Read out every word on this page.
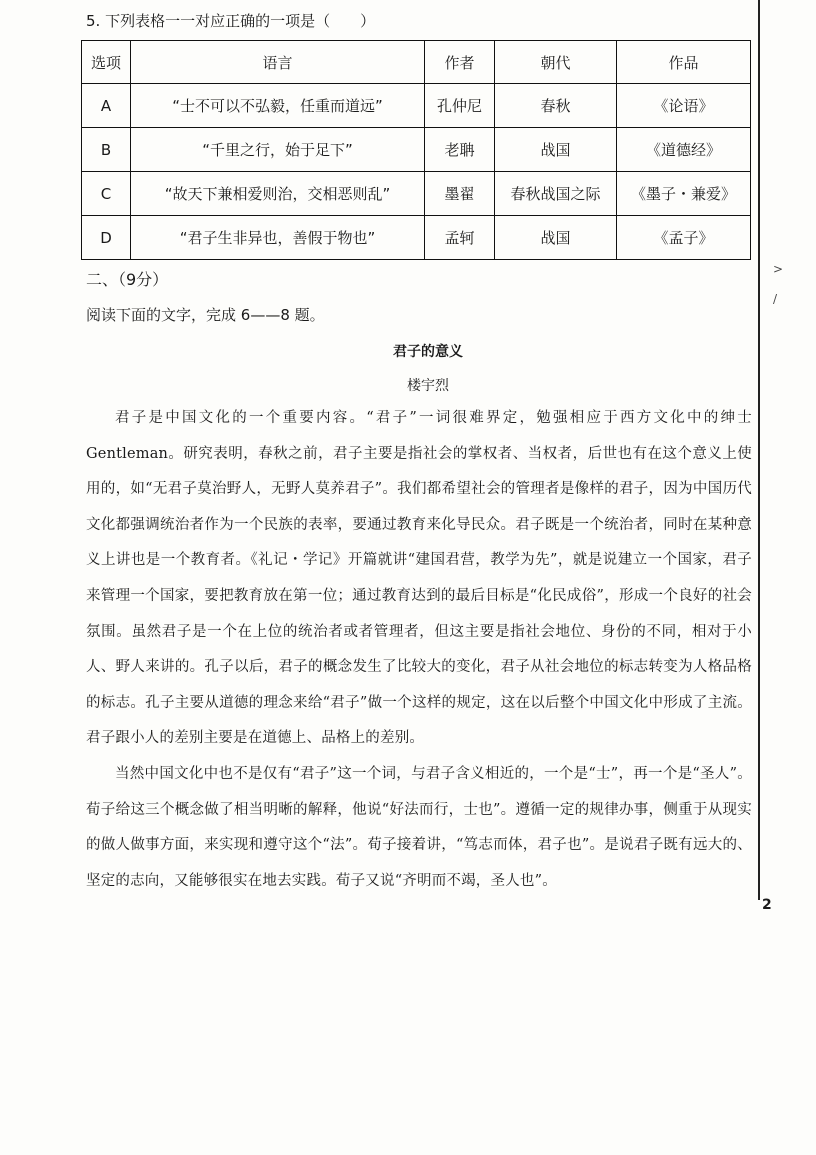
>
/
2
5. 下列表格一一对应正确的一项是（　　）
选项	语言	作者	朝代	作品
A	“士不可以不弘毅，任重而道远”	孔仲尼	春秋	《论语》
B	“千里之行，始于足下”	老聃	战国	《道德经》
C	“故天下兼相爱则治，交相恶则乱”	墨翟	春秋战国之际	《墨子・兼爱》
D	“君子生非异也，善假于物也”	孟轲	战国	《孟子》
二、（9分）
阅读下面的文字，完成 6——8 题。
君子的意义
楼宇烈

君子是中国文化的一个重要内容。“君子”一词很难界定，勉强相应于西方文化中的绅士Gentleman。研究表明，春秋之前，君子主要是指社会的掌权者、当权者，后世也有在这个意义上使用的，如“无君子莫治野人，无野人莫养君子”。我们都希望社会的管理者是像样的君子，因为中国历代文化都强调统治者作为一个民族的表率，要通过教育来化导民众。君子既是一个统治者，同时在某种意义上讲也是一个教育者。《礼记・学记》开篇就讲“建国君营，教学为先”，就是说建立一个国家，君子来管理一个国家，要把教育放在第一位；通过教育达到的最后目标是“化民成俗”，形成一个良好的社会氛围。虽然君子是一个在上位的统治者或者管理者，但这主要是指社会地位、身份的不同，相对于小人、野人来讲的。孔子以后，君子的概念发生了比较大的变化，君子从社会地位的标志转变为人格品格的标志。孔子主要从道德的理念来给“君子”做一个这样的规定，这在以后整个中国文化中形成了主流。君子跟小人的差别主要是在道德上、品格上的差别。

当然中国文化中也不是仅有“君子”这一个词，与君子含义相近的，一个是“士”，再一个是“圣人”。荀子给这三个概念做了相当明晰的解释，他说“好法而行，士也”。遵循一定的规律办事，侧重于从现实的做人做事方面，来实现和遵守这个“法”。荀子接着讲，“笃志而体，君子也”。是说君子既有远大的、坚定的志向，又能够很实在地去实践。荀子又说“齐明而不竭，圣人也”。
